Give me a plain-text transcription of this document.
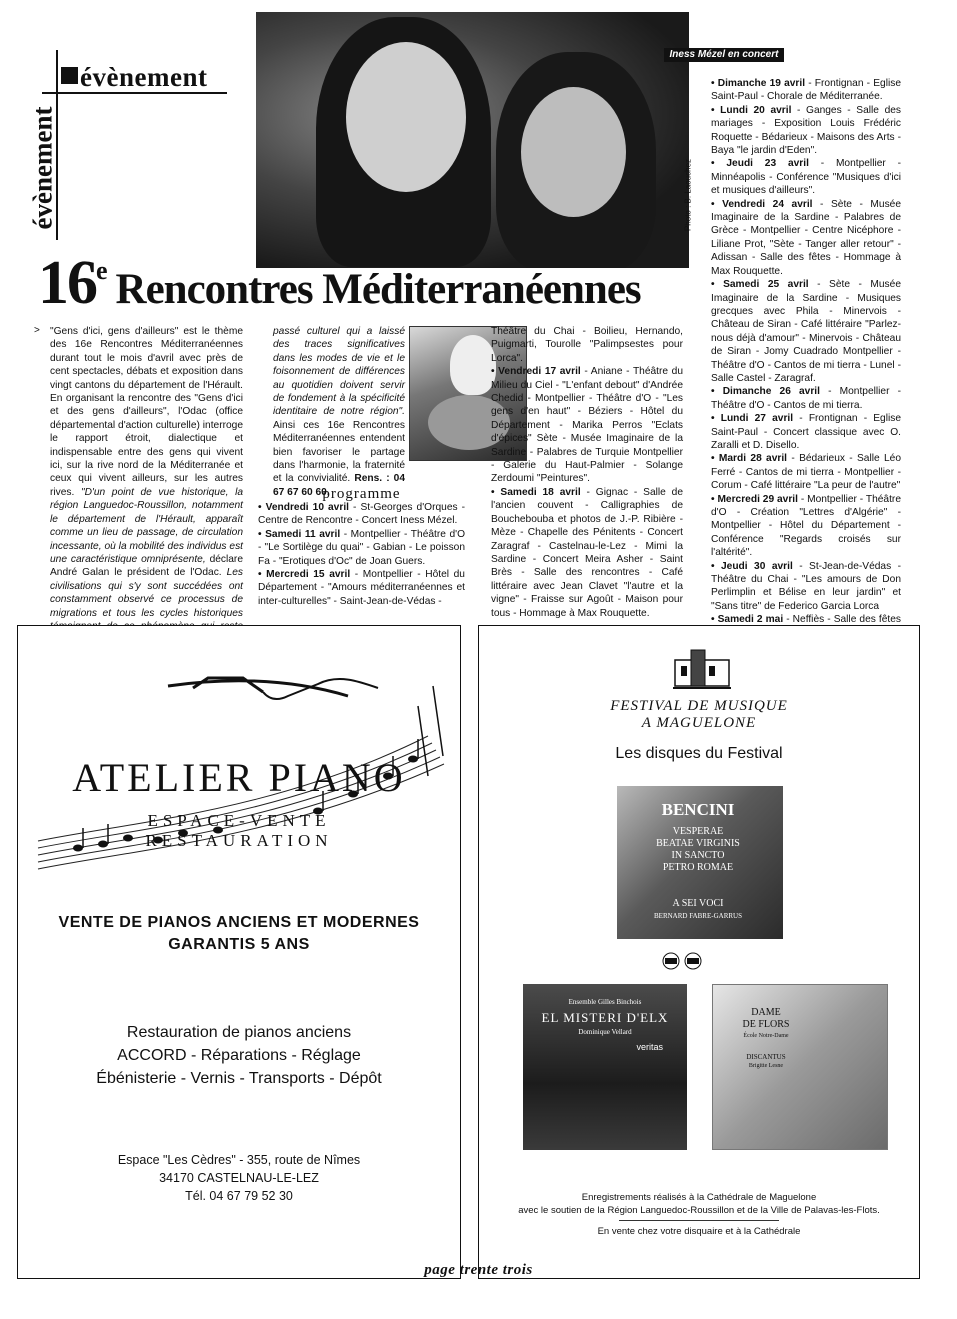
évènement
évènement
Iness Mézel en concert
Photo : B. Laouchez
16e Rencontres Méditerranéennes
> "Gens d'ici, gens d'ailleurs" est le thème des 16e Rencontres Méditerranéennes durant tout le mois d'avril avec près de cent spectacles, débats et exposition dans vingt cantons du département de l'Hérault. En organisant la rencontre des "Gens d'ici et des gens d'ailleurs", l'Odac (office départemental d'action culturelle) interroge le rapport étroit, dialectique et indispensable entre des gens qui vivent ici, sur la rive nord de la Méditerranée et ceux qui vivent ailleurs, sur les autres rives. "D'un point de vue historique, la région Languedoc-Roussillon, notamment le département de l'Hérault, apparaît comme un lieu de passage, de circulation incessante, où la mobilité des individus est une caractéristique omniprésente, déclare André Galan le président de l'Odac. Les civilisations qui s'y sont succédées ont constamment observé ce processus de migrations et tous les cycles historiques

passé culturel qui a laissé des traces significatives dans les modes de vie et le foisonnement de différences au quotidien doivent servir de fondement à la spécificité identitaire de notre région". Ainsi ces 16e Rencontres Méditerranéennes entendent bien favoriser le partage dans l'harmonie, la fraternité et la convivialité. Rens. : 04 67 67 60 60.

programme

• Vendredi 10 avril - St-Georges d'Orques - Centre de Rencontre - Concert Iness Mézel.

• Samedi 11 avril - Montpellier - Théâtre d'O - "Le Sortilège du quai" - Gabian - Le poisson Fa - "Erotiques d'Oc" de Joan Guers.

• Mercredi 15 avril - Montpellier - Hôtel du Département - "Amours méditerranéennes et inter-culturelles" - Saint-Jean-de-Védas -

Théâtre du Chai - Boilieu, Hernando, Puigmarti, Tourolle "Palimpsestes pour Lorca".

• Vendredi 17 avril - Aniane - Théâtre du Milieu du Ciel - "L'enfant debout" d'Andrée Chedid - Montpellier - Théâtre d'O - "Les gens d'en haut" - Béziers - Hôtel du Département - Marika Perros "Eclats d'épices" Sète - Musée Imaginaire de la Sardine - Palabres de Turquie Montpellier - Galerie du Haut-Palmier - Solange Zerdoumi "Peintures".

• Samedi 18 avril - Gignac - Salle de l'ancien couvent - Calligraphies de Bouchebouba et photos de J.-P. Ribière - Mèze - Chapelle des Pénitents - Concert Zaragraf - Castelnau-le-Lez - Mimi la Sardine - Concert Meira Asher - Saint Brès - Salle des rencontres - Café littéraire avec Jean Clavet "l'autre et la vigne" - Fraisse sur Agoût - Maison pour tous - Hommage à Max Rouquette.

• Dimanche 19 avril - Frontignan - Eglise Saint-Paul - Chorale de Méditerranée.

• Lundi 20 avril - Ganges - Salle des mariages - Exposition Louis Frédéric Roquette - Bédarieux - Maisons des Arts - Baya "le jardin d'Eden".

• Jeudi 23 avril - Montpellier - Minnéapolis - Conférence "Musiques d'ici et musiques d'ailleurs".

• Vendredi 24 avril - Sète - Musée Imaginaire de la Sardine - Palabres de Grèce - Montpellier - Centre Nicéphore - Liliane Prot, "Sète - Tanger aller retour" - Adissan - Salle des fêtes - Hommage à Max Rouquette.

• Samedi 25 avril - Sète - Musée Imaginaire de la Sardine - Musiques grecques avec Phila - Minervois - Château de Siran - Café littéraire "Parlez-nous déjà d'amour" - Minervois - Château de Siran - Jomy Cuadrado Montpellier - Théâtre d'O - Cantos de mi tierra - Lunel - Salle Castel - Zaragraf.

• Dimanche 26 avril - Montpellier - Théâtre d'O - Cantos de mi tierra.

• Lundi 27 avril - Frontignan - Eglise Saint-Paul - Concert classique avec O. Zaralli et D. Disello.

• Mardi 28 avril - Bédarieux - Salle Léo Ferré - Cantos de mi tierra - Montpellier - Corum - Café littéraire "La peur de l'autre"

• Mercredi 29 avril - Montpellier - Théâtre d'O - Création "Lettres d'Algérie" - Montpellier - Hôtel du Département - Conférence "Regards croisés sur l'altérité".

• Jeudi 30 avril - St-Jean-de-Védas - Théâtre du Chai - "Les amours de Don Perlimplin et Bélise en leur jardin" et "Sans titre" de Federico Garcia Lorca

• Samedi 2 mai - Neffiès - Salle des fêtes

ATELIER PIANO
ESPACE-VENTE
RESTAURATION
VENTE DE PIANOS ANCIENS ET MODERNES
GARANTIS 5 ANS
Restauration de pianos anciens
ACCORD - Réparations - Réglage
Ébénisterie - Vernis - Transports - Dépôt
Espace "Les Cèdres" - 355, route de Nîmes
34170 CASTELNAU-LE-LEZ
Tél. 04 67 79 52 30
FESTIVAL DE MUSIQUE
A MAGUELONE
Les disques du Festival
BENCINI
VESPERAE
BEATAE VIRGINIS
IN SANCTO
PETRO ROMAE
A SEI VOCI
BERNARD FABRE-GARRUS
Ensemble Gilles Binchois
EL MISTERI D'ELX
Dominique Vellard
veritas
DAME
DE FLORS
École Notre-Dame
DISCANTUS
Brigitte Lesne
Enregistrements réalisés à la Cathédrale de Maguelone
avec le soutien de la Région Languedoc-Roussillon et de la Ville de Palavas-les-Flots.
En vente chez votre disquaire et à la Cathédrale
page trente trois
